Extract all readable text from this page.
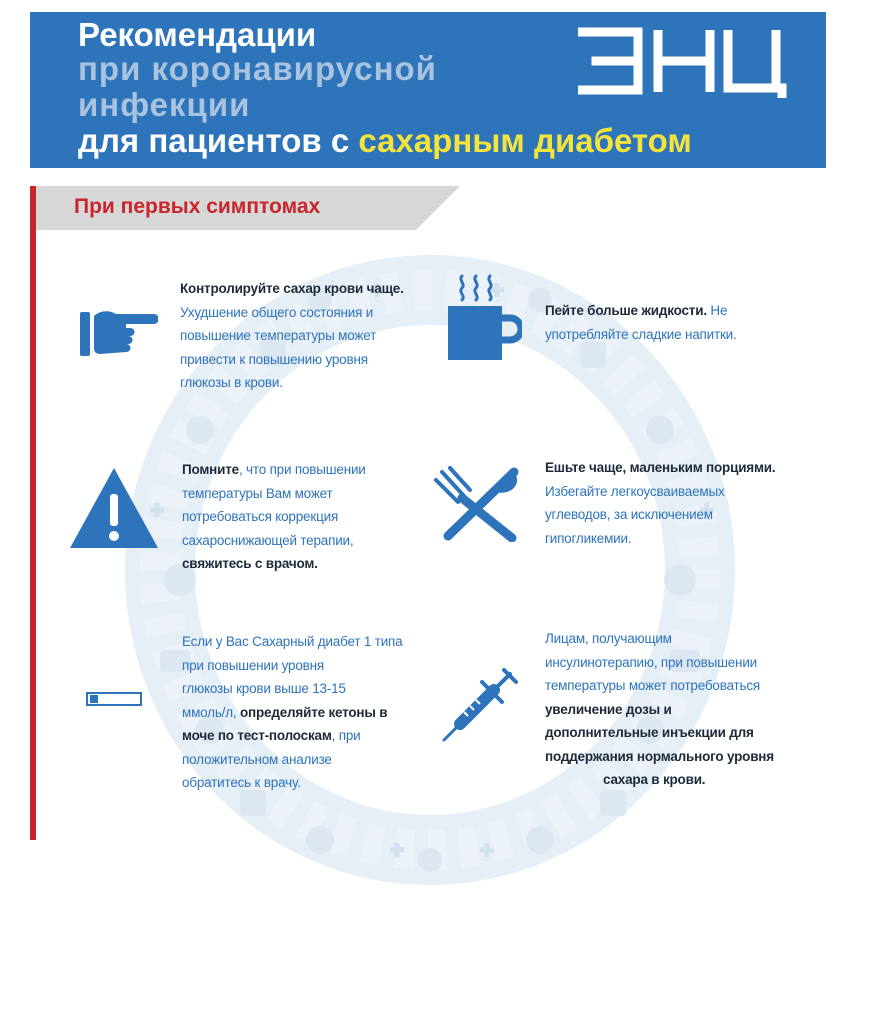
Рекомендации
при коронавирусной
инфекции
для пациентов с сахарным диабетом
При первых симптомах
Контролируйте сахар крови чаще.
Ухудшение общего состояния и
повышение температуры может
привести к повышению уровня
глюкозы в крови.
Пейте больше жидкости. Не
употребляйте сладкие напитки.
Помните, что при повышении
температуры Вам может
потребоваться коррекция
сахароснижающей терапии,
свяжитесь с врачом.
Ешьте чаще, маленьким порциями.
Избегайте легкоусваиваемых
углеводов, за исключением
гипогликемии.
Если у Вас Сахарный диабет 1 типа
при повышении уровня
глюкозы крови выше 13-15
ммоль/л, определяйте кетоны в
моче по тест-полоскам, при
положительном анализе
обратитесь к врачу.
Лицам, получающим
инсулинотерапию, при повышении
температуры может потребоваться
увеличение дозы и
дополнительные инъекции для
поддержания нормального уровня
сахара в крови.
